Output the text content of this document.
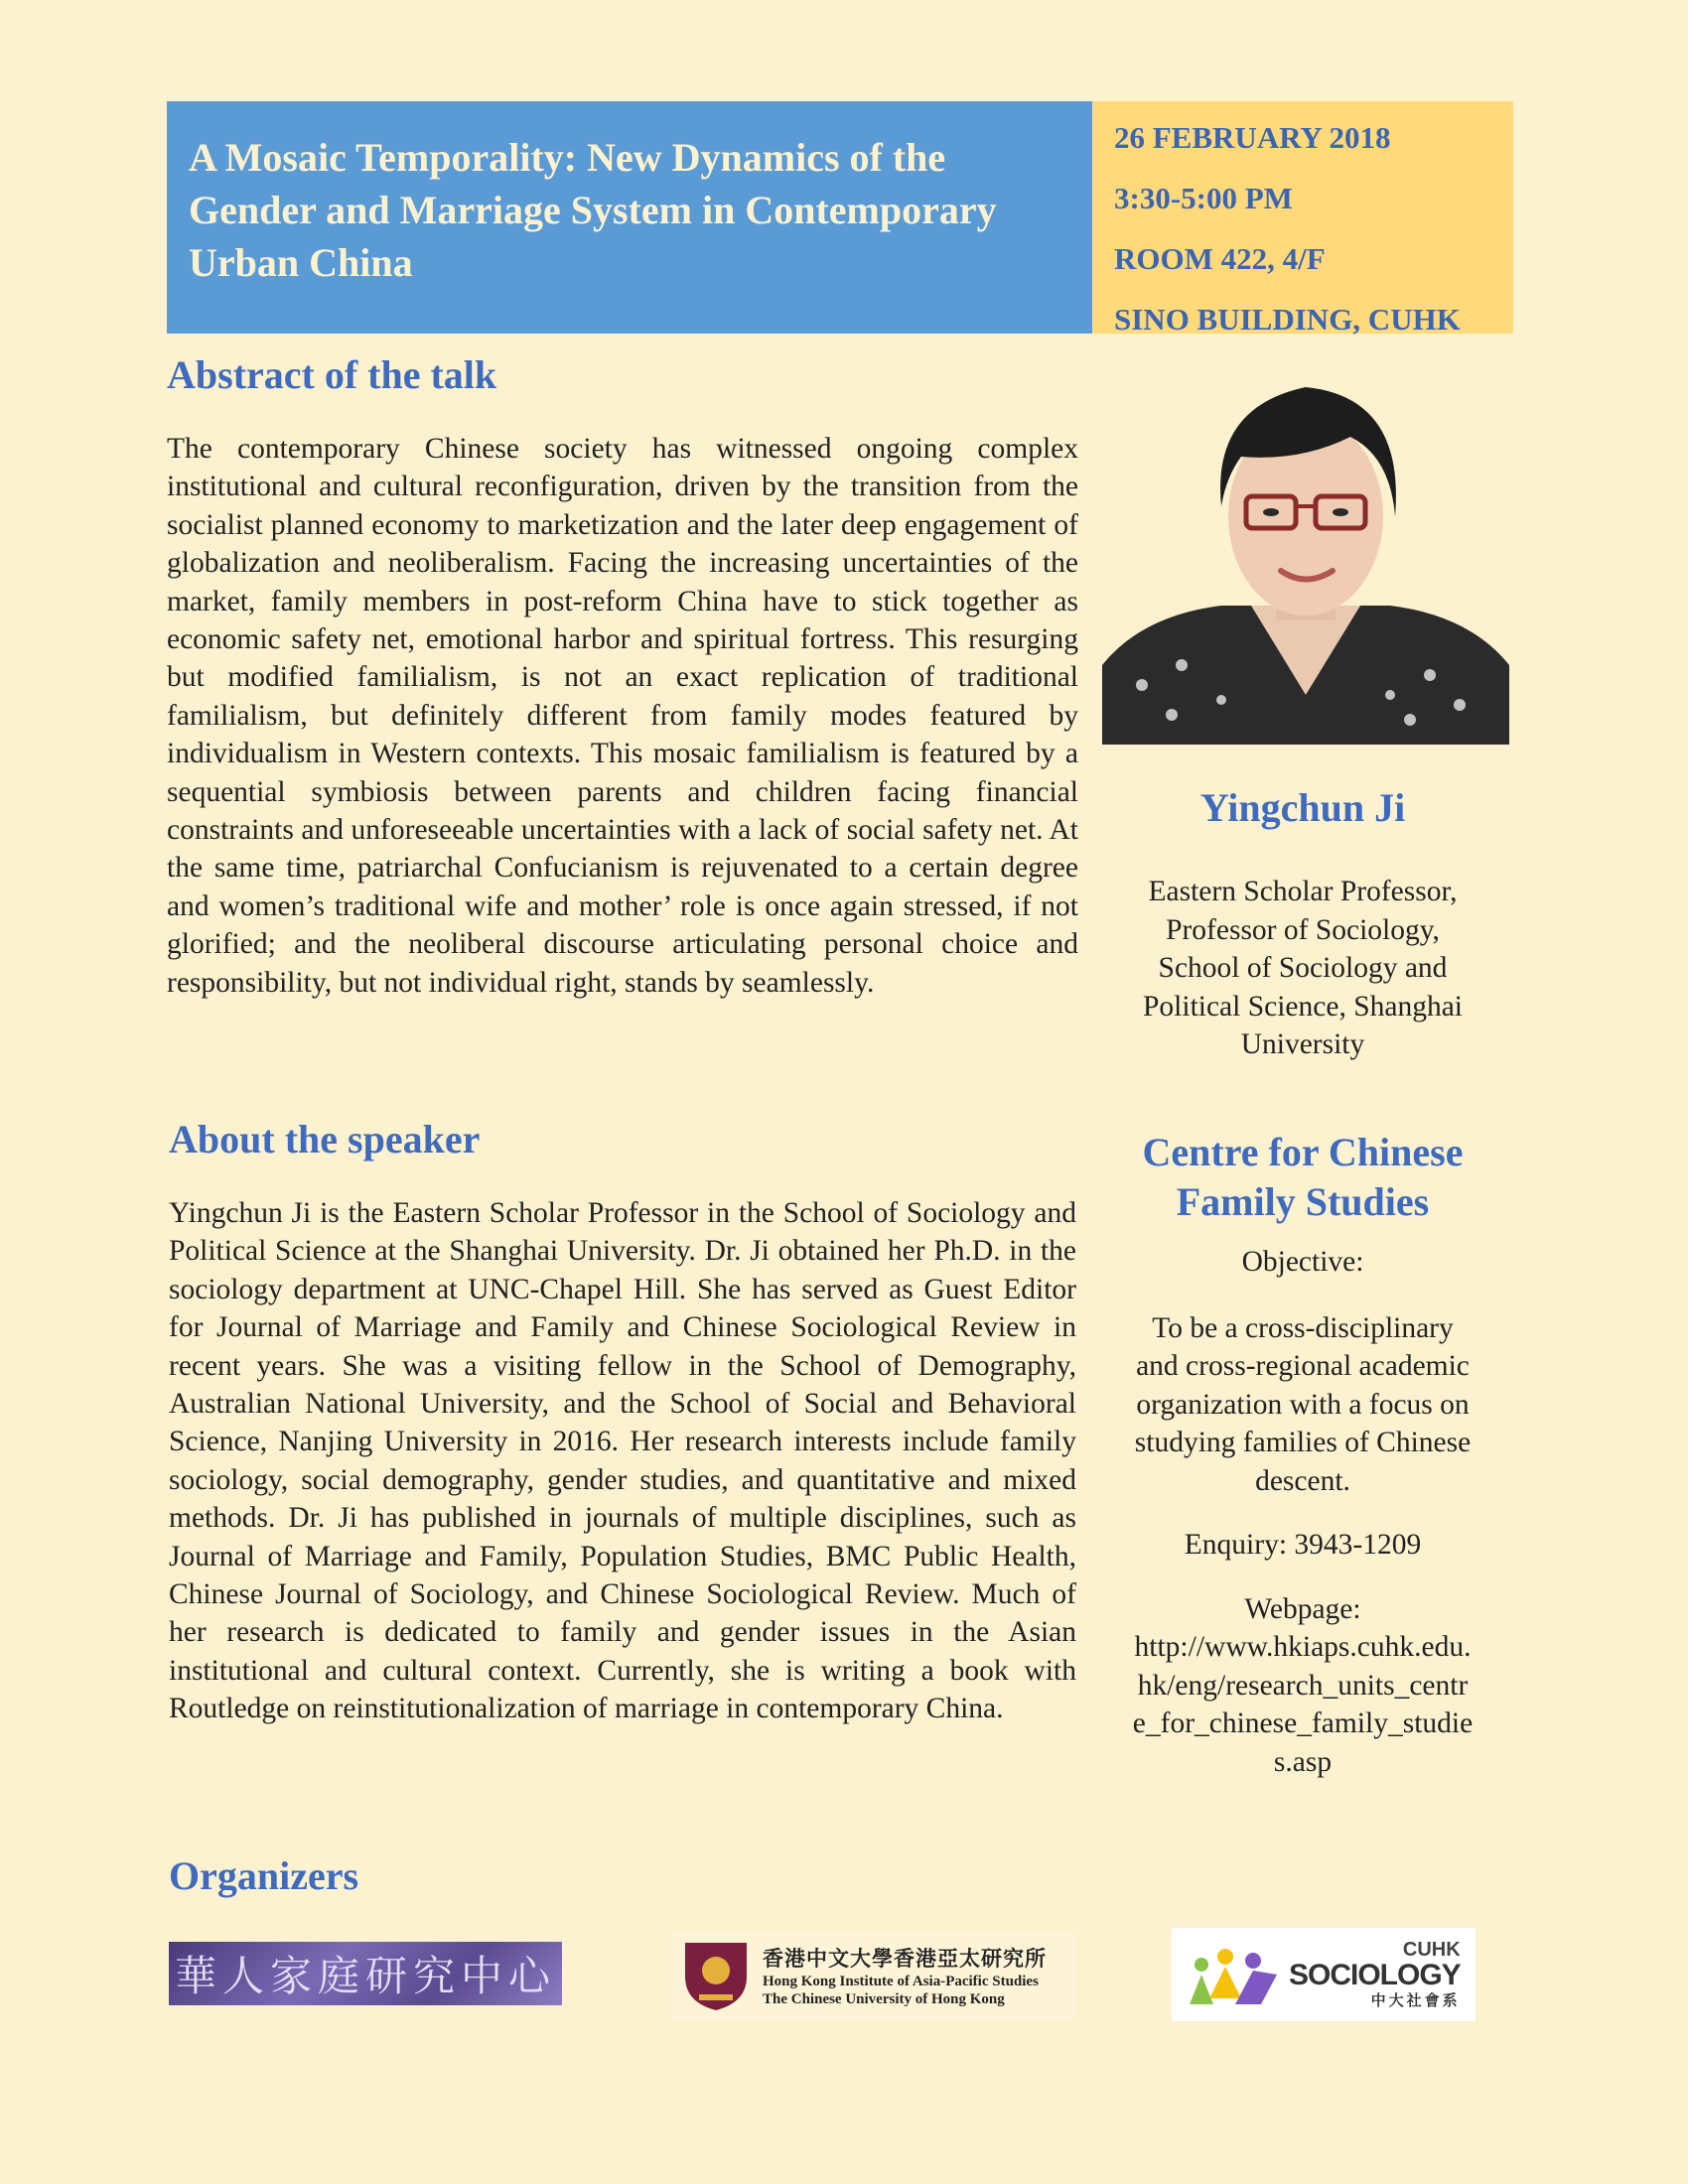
A Mosaic Temporality: New Dynamics of the
Gender and Marriage System in Contemporary
Urban China
26 FEBRUARY 2018
3:30-5:00 PM
ROOM 422, 4/F
SINO BUILDING, CUHK
Abstract of the talk

The contemporary Chinese society has witnessed ongoing complex institutional and cultural reconfiguration, driven by the transition from the socialist planned economy to marketization and the later deep engagement of globalization and neoliberalism. Facing the increasing uncertainties of the market, family members in post-reform China have to stick together as economic safety net, emotional harbor and spiritual fortress. This resurging but modified familialism, is not an exact replication of traditional familialism, but definitely different from family modes featured by individualism in Western contexts. This mosaic familialism is featured by a sequential symbiosis between parents and children facing financial constraints and unforeseeable uncertainties with a lack of social safety net. At the same time, patriarchal Confucianism is rejuvenated to a certain degree and women’s traditional wife and mother’ role is once again stressed, if not glorified; and the neoliberal discourse articulating personal choice and responsibility, but not individual right, stands by seamlessly.

About the speaker

Yingchun Ji is the Eastern Scholar Professor in the School of Sociology and Political Science at the Shanghai University. Dr. Ji obtained her Ph.D. in the sociology department at UNC-Chapel Hill. She has served as Guest Editor for Journal of Marriage and Family and Chinese Sociological Review in recent years. She was a visiting fellow in the School of Demography, Australian National University, and the School of Social and Behavioral Science, Nanjing University in 2016. Her research interests include family sociology, social demography, gender studies, and quantitative and mixed methods. Dr. Ji has published in journals of multiple disciplines, such as Journal of Marriage and Family, Population Studies, BMC Public Health, Chinese Journal of Sociology, and Chinese Sociological Review. Much of her research is dedicated to family and gender issues in the Asian institutional and cultural context. Currently, she is writing a book with Routledge on reinstitutionalization of marriage in contemporary China.

Organizers
Yingchun Ji

Eastern Scholar Professor,

Professor of Sociology,

School of Sociology and

Political Science, Shanghai

University

Centre for Chinese
Family Studies

Objective:

To be a cross-disciplinary

and cross-regional academic

organization with a focus on

studying families of Chinese

descent.

Enquiry: 3943-1209

Webpage:

http://www.hkiaps.cuhk.edu.

hk/eng/research_units_centr

e_for_chinese_family_studie

s.asp

華人家庭研究中心	香港中文大學香港亞太研究所
Hong Kong Institute of Asia-Pacific Studies
The Chinese University of Hong Kong
CUHK
SOCIOLOGY
中大社會系
